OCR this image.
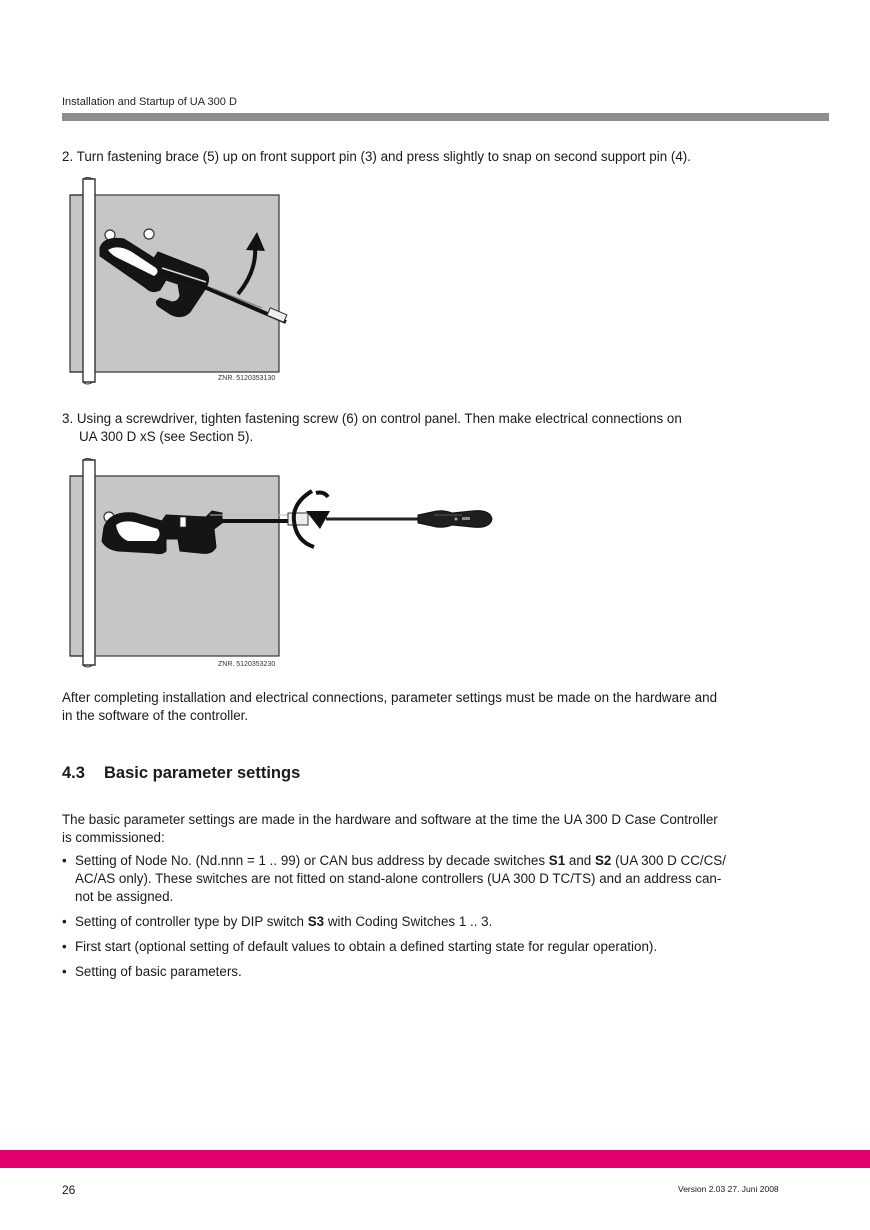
Installation and Startup of UA 300 D
2. Turn fastening brace (5) up on front support pin (3) and press slightly to snap on second support pin (4).
ZNR. 5120353130
3. Using a screwdriver, tighten fastening screw (6) on control panel. Then make electrical connections on
UA 300 D xS (see Section 5).
ZNR. 5120353230
After completing installation and electrical connections, parameter settings must be made on the hardware and
in the software of the controller.
4.3 Basic parameter settings
The basic parameter settings are made in the hardware and software at the time the UA 300 D Case Controller
is commissioned:
• Setting of Node No. (Nd.nnn = 1 .. 99) or CAN bus address by decade switches S1 and S2 (UA 300 D CC/CS/
AC/AS only). These switches are not fitted on stand-alone controllers (UA 300 D TC/TS) and an address can-
not be assigned.
• Setting of controller type by DIP switch S3 with Coding Switches 1 .. 3.
• First start (optional setting of default values to obtain a defined starting state for regular operation).
• Setting of basic parameters.
26	Version 2.03 27. Juni 2008
